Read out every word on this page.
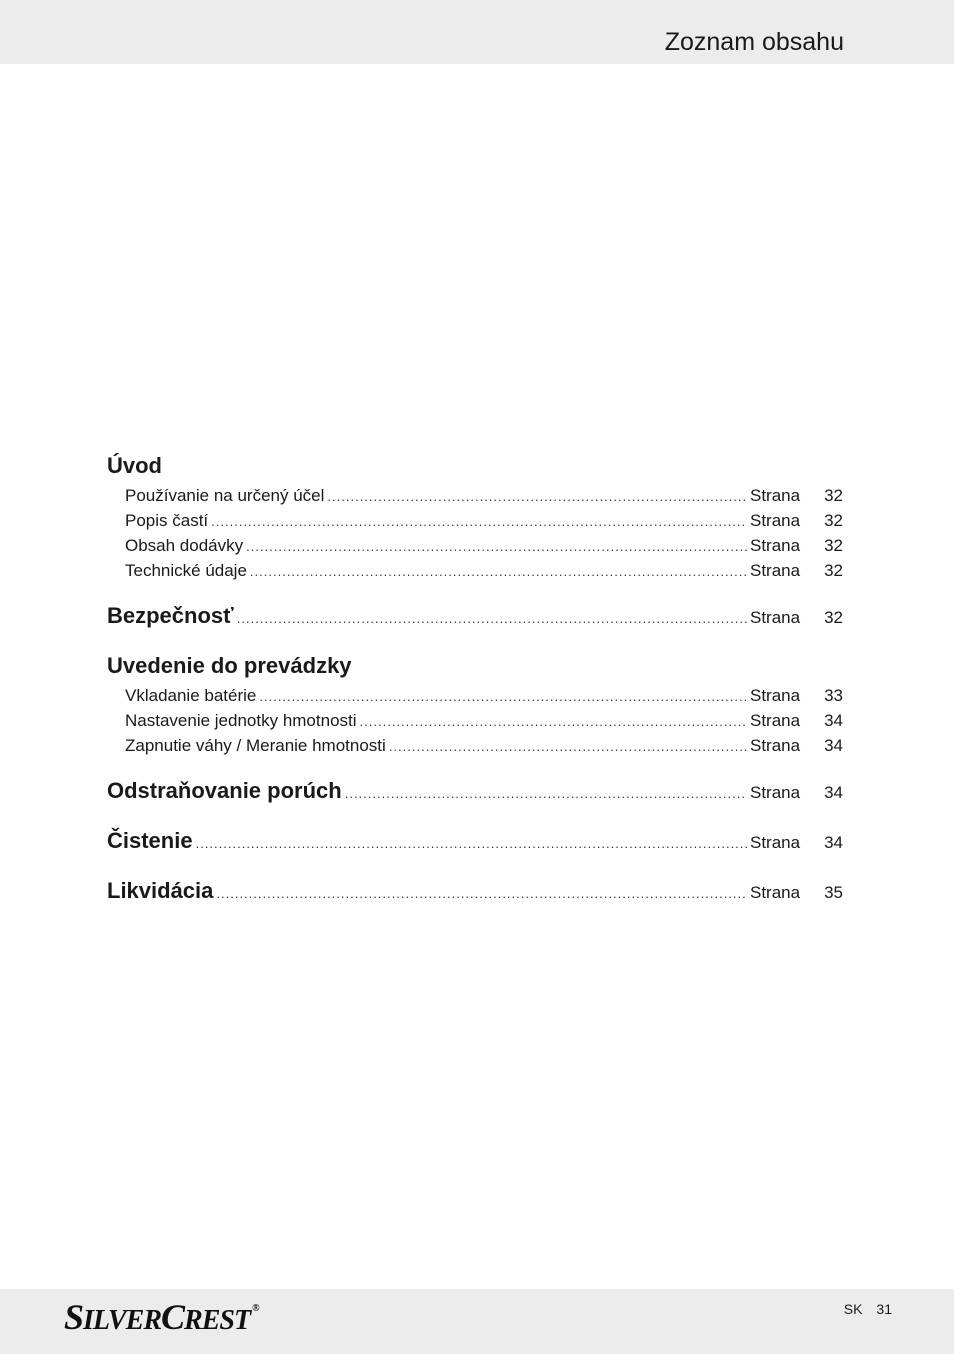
Zoznam obsahu
Úvod
Používanie na určený účel .....	Strana	32
Popis častí .....	Strana	32
Obsah dodávky .....	Strana	32
Technické údaje .....	Strana	32
Bezpečnosť .....	Strana	32
Uvedenie do prevádzky
Vkladanie batérie .....	Strana	33
Nastavenie jednotky hmotnosti .....	Strana	34
Zapnutie váhy / Meranie hmotnosti .....	Strana	34
Odstraňovanie porúch .....	Strana	34
Čistenie .....	Strana	34
Likvidácia .....	Strana	35
S ILVER C REST ®	SK 31
